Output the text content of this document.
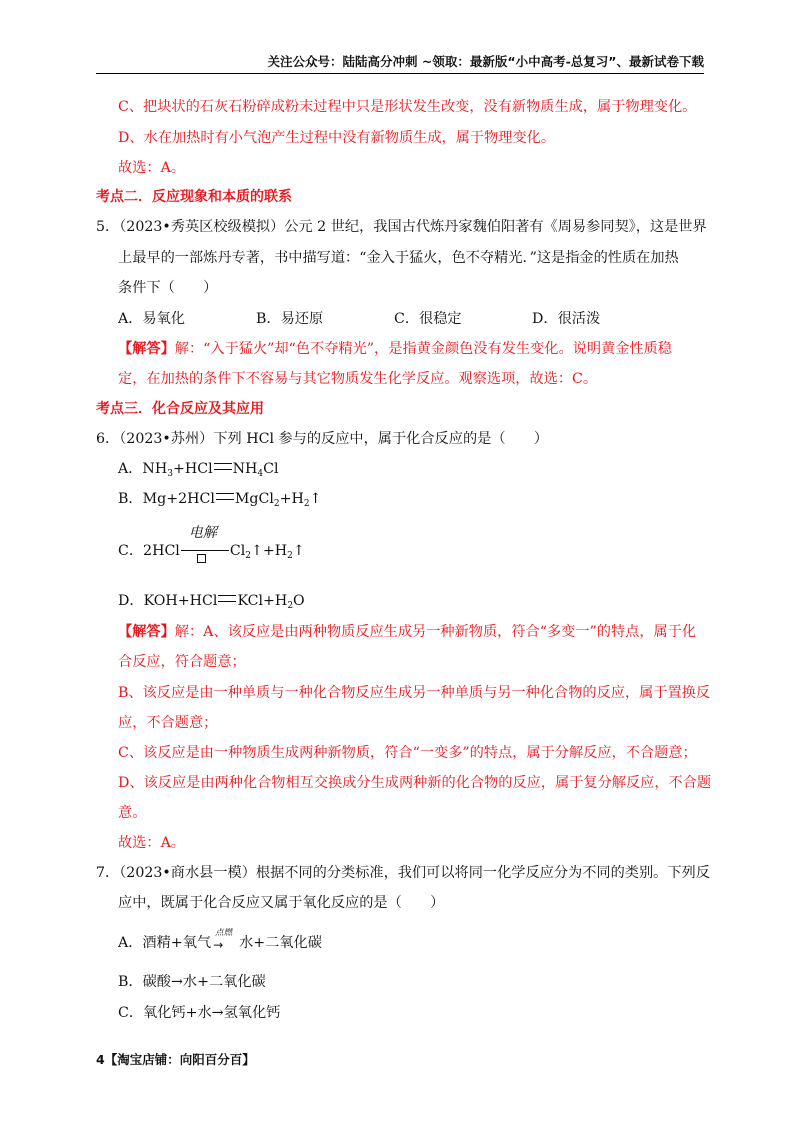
关注公众号：陆陆高分冲刺 ~领取：最新版“小中高考-总复习”、最新试卷下载
C、把块状的石灰石粉碎成粉末过程中只是形状发生改变，没有新物质生成，属于物理变化。
D、水在加热时有小气泡产生过程中没有新物质生成，属于物理变化。
故选：A。
考点二．反应现象和本质的联系
5．（2023•秀英区校级模拟）公元 2 世纪，我国古代炼丹家魏伯阳著有《周易参同契》，这是世界
上最早的一部炼丹专著，书中描写道：“金入于猛火，色不夺精光．”这是指金的性质在加热
条件下（　　）
A．易氧化	B．易还原	C．很稳定	D．很活泼
【解答】解：“入于猛火”却“色不夺精光”，是指黄金颜色没有发生变化。说明黄金性质稳
定，在加热的条件下不容易与其它物质发生化学反应。观察选项，故选：C。
考点三．化合反应及其应用
6．（2023•苏州）下列 HCl 参与的反应中，属于化合反应的是（　　）
A．$NH_3+HCl$ $NH_4Cl$
B．Mg+2HCl $MgCl_2+H_2↑$
C．2HCl
电解
$Cl_2↑+H_2↑$
D．KOH+HCl $KCl+H_2O$
【解答】解：A、该反应是由两种物质反应生成另一种新物质，符合“多变一”的特点，属于化
合反应，符合题意；
B、该反应是由一种单质与一种化合物反应生成另一种单质与另一种化合物的反应，属于置换反
应，不合题意；
C、该反应是由一种物质生成两种新物质，符合“一变多”的特点，属于分解反应，不合题意；
D、该反应是由两种化合物相互交换成分生成两种新的化合物的反应，属于复分解反应，不合题
意。
故选：A。
7．（2023•商水县一模）根据不同的分类标准，我们可以将同一化学反应分为不同的类别。下列反
应中，既属于化合反应又属于氧化反应的是（　　）
A．酒精+氧气
点燃
→ 水+二氧化碳
B．碳酸→水+二氧化碳
C．氧化钙+水→氢氧化钙
4【淘宝店铺：向阳百分百】
